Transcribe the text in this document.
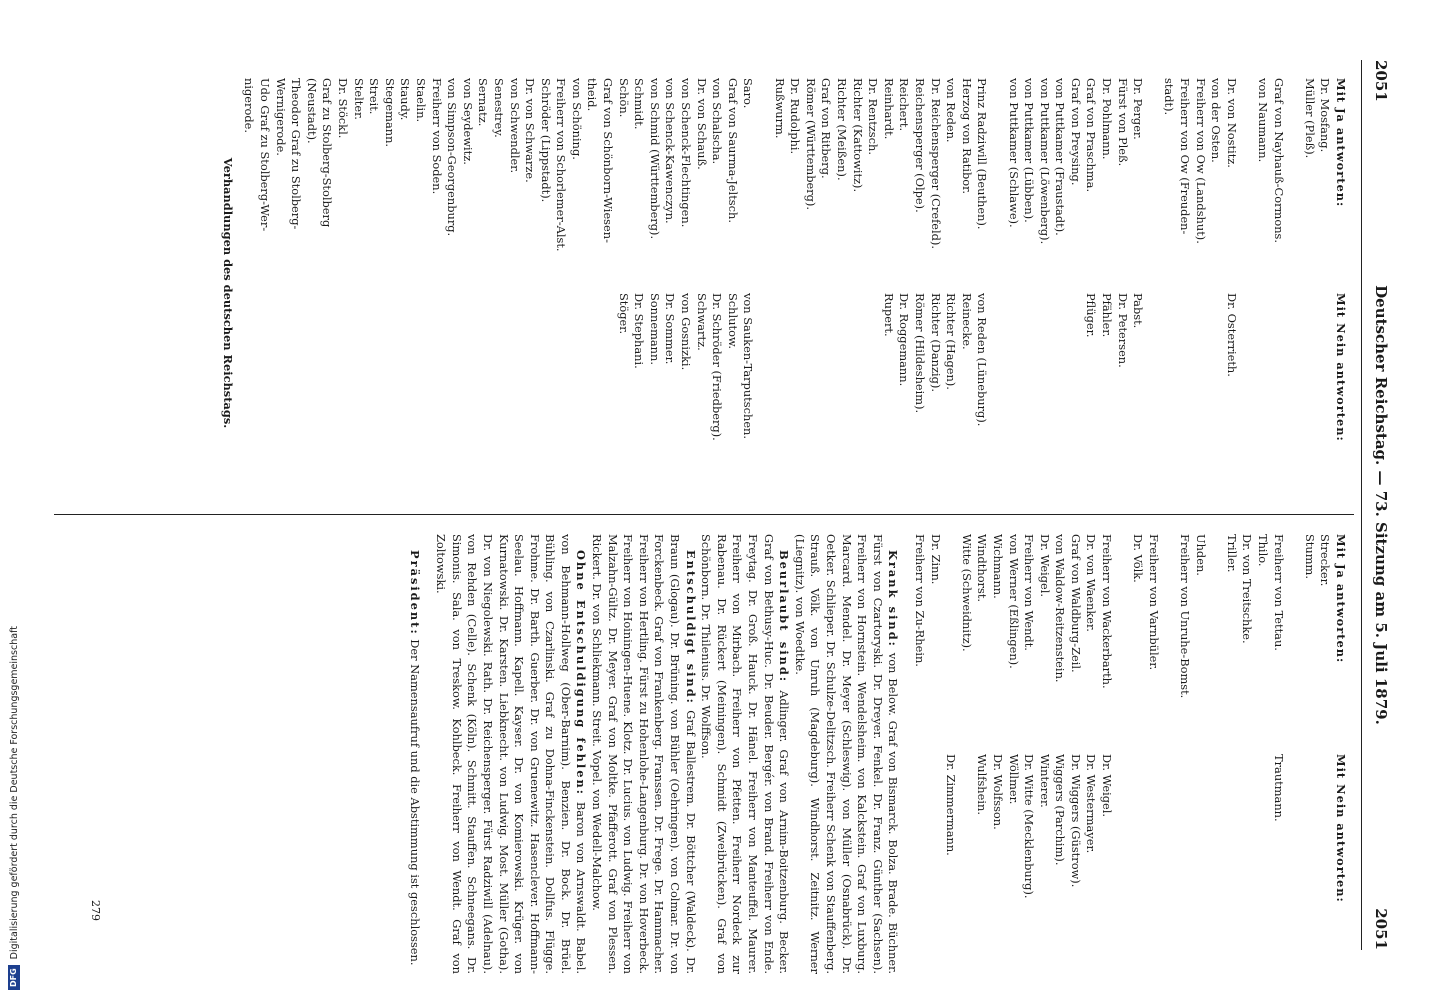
2051
Deutscher Reichstag. — 73. Sitzung am 5. Juli 1879.
2051
Mit Ja antworten:
Dr. Mosfang.
Müller (Pleß).
Graf von Nayhauß-Cormons.
von Naumann.
Dr. von Nostitz.
von der Osten.
Freiherr von Ow (Landshut).
Freiherr von Ow (Freuden-
stadt).
Dr. Perger.
Fürst von Pleß.
Dr. Pohlmann.
Graf von Praschma.
Graf von Preysing.
von Puttkamer (Fraustadt).
von Puttkamer (Löwenberg).
von Puttkamer (Lübben).
von Puttkamer (Schlawe).
Prinz Radziwill (Beuthen).
Herzog von Ratibor.
von Reden.
Dr. Reichensperger (Crefeld).
Reichensperger (Olpe).
Reichert.
Reinhardt.
Dr. Rentzsch.
Richter (Kattowitz).
Richter (Meißen).
Graf von Ritberg.
Römer (Württemberg).
Dr. Rudolphi.
Rußwurm.
Saro.
Graf von Saurma-Jeltsch.
von Schalscha.
Dr. von Schauß.
von Schenck-Flechtingen.
von Schenck-Kawenczyn.
von Schmid (Württemberg).
Schmidt.
Schön.
Graf von Schönborn-Wiesen-
theid.
von Schöning.
Freiherr von Schorlemer-Alst.
Schröder (Lippstadt).
Dr. von Schwarze.
von Schwendler.
Senestrey.
Sernatz.
von Seydewitz.
von Simpson-Georgenburg.
Freiherr von Soden.
Staelin.
Staudy.
Stegemann.
Streit.
Stelter.
Dr. Stöckl.
Graf zu Stolberg-Stolberg
(Neustadt).
Theodor Graf zu Stolberg-
Wernigerode.
Udo Graf zu Stolberg-Wer-
nigerode.
Mit Nein antworten:
Dr. Osterrieth.
Pabst.
Dr. Petersen.
Pfähler.
Pflüger.
von Reden (Lüneburg).
Reinecke.
Richter (Hagen).
Richter (Danzig).
Römer (Hildesheim).
Dr. Roggemann.
Rupert.
von Sauken-Tarputschen.
Schlutow.
Dr. Schröder (Friedberg).
Schwartz.
von Gosnizki.
Dr. Sommer.
Sonnemann.
Dr. Stephani.
Stöger.
Verhandlungen des deutschen Reichstags.
Mit Ja antworten:
Strecker.
Stumm.
Freiherr von Tettau.
Thilo.
Dr. von Treitschke.
Triller.
Uhden.
Freiherr von Unruhe-Bomst.
Freiherr von Varnbüler.
Dr. Völk.
Freiherr von Wackerbarth.
Dr. von Waenker.
Graf von Waldburg-Zeil.
von Waldow-Reitzenstein.
Dr. Weigel.
Freiherr von Wendt.
von Werner (Eßlingen).
Wichmann.
Windthorst.
Witte (Schweidnitz).
Dr. Zinn.
Freiherr von Zu-Rhein.
Mit Nein antworten:
Trautmann.
Dr. Weigel.
Dr. Westermayer.
Dr. Wiggers (Güstrow).
Wiggers (Parchim).
Winterer.
Dr. Witte (Mecklenburg).
Wöllmer.
Dr. Wolfsson.
Wulfshein.
Dr. Zimmermann.

Krank sind: von Below. Graf von Bismarck. Bolza. Brade. Büchner. Fürst von Czartoryski. Dr. Dreyer. Fenkel. Dr. Franz. Günther (Sachsen). Freiherr von Hornstein. Wendelsheim. von Kalckstein. Graf von Luxburg. Marcard. Mendel. Dr. Meyer (Schleswig). von Müller (Osnabrück). Dr. Oetker. Schlieper. Dr. Schulze-Delitzsch. Freiherr Schenk von Stauffenberg. Strauß. Völk. von Unruh (Magdeburg). Windhorst. Zeitnitz. Werner (Liegnitz). von Woedtke.

Beurlaubt sind: Adlinger. Graf von Arnim-Boitzenburg. Becker. Graf von Bethusy-Huc. Dr. Beuder. Bergér. von Brand. Freiherr von Ende. Freytag. Dr. Groß. Hauck. Dr. Hänel. Freiherr von Manteuffel. Maurer. Freiherr von Mirbach. Freiherr von Pfetten. Freiherr Nordeck zur Rabenau. Dr. Rückert (Meiningen). Schmidt (Zweibrücken). Graf von Schönborn. Dr. Thilenius. Dr. Wolffson.

Entschuldigt sind: Graf Ballestrem. Dr. Böttcher (Waldeck). Dr. Braun (Glogau). Dr. Brüning. von Bühler (Oehringen). von Colmar. Dr. von Forckenbeck. Graf von Frankenberg. Franssen. Dr. Frege. Dr. Hammacher. Freiherr von Hertling. Fürst zu Hohenlohe-Langenburg. Dr. von Hoverbeck. Freiherr von Hoiningen-Huene. Klotz. Dr. Lucius. von Ludwig. Freiherr von Malzahn-Gültz. Dr. Meyer. Graf von Moltke. Pfafferott. Graf von Plessen. Rickert. Dr. von Schliekmann. Streit. Vopel. von Wedell-Malchow.

Ohne Entschuldigung fehlen: Baron von Arnswaldt. Babel. von Behmann-Hollweg (Ober-Barnim). Benzien. Dr. Bock. Dr. Brüel. Bühling. von Czarlinski. Graf zu Dohna-Finckenstein. Dollfus. Flügge. Frohme. Dr. Barth. Guerber. Dr. von Gruenewitz. Hasenclever. Hoffmann-Seelau. Hoffmann. Kapell. Kayser. Dr. von Komierowski. Krüger. von Kurnatowski. Dr. Karsten. Liebknecht. von Ludwig. Most. Müller (Gotha). Dr. von Niegolewski. Rath. Dr. Reichensperger. Fürst Radziwill (Adelnau). von Rehden (Celle). Schenk (Köln). Schmitt. Stauffen. Schneegans. Dr. Simonis. Sala. von Treskow. Kohlbeck. Freiherr von Wendt. Graf von Zoltowski.

Präsident: Der Namensaufruf und die Abstimmung ist geschlossen.

279
DFG
Digitalisierung gefördert durch die Deutsche Forschungsgemeinschaft
